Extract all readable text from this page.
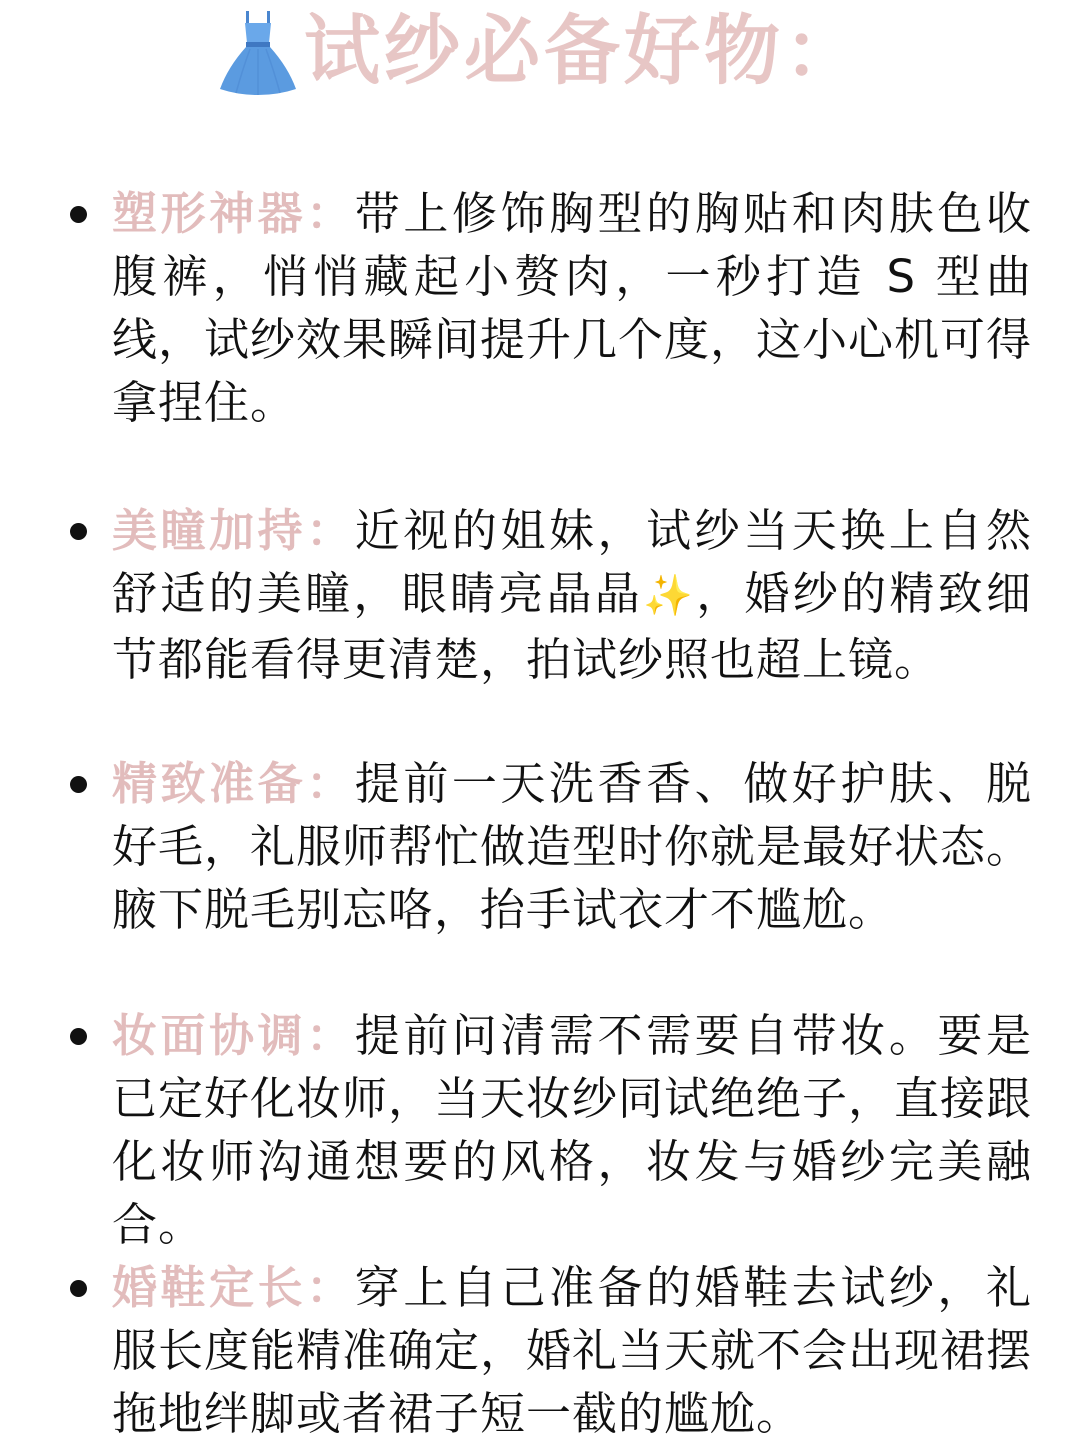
试纱必备好物：
塑形神器：带上修饰胸型的胸贴和肉肤色收腹裤，悄悄藏起小赘肉，一秒打造 S 型曲线，试纱效果瞬间提升几个度，这小心机可得拿捏住。
美瞳加持：近视的姐妹，试纱当天换上自然舒适的美瞳，眼睛亮晶晶✨，婚纱的精致细节都能看得更清楚，拍试纱照也超上镜。
精致准备：提前一天洗香香、做好护肤、脱好毛，礼服师帮忙做造型时你就是最好状态。腋下脱毛别忘咯，抬手试衣才不尴尬。
妆面协调：提前问清需不需要自带妆。要是已定好化妆师，当天妆纱同试绝绝子，直接跟化妆师沟通想要的风格，妆发与婚纱完美融合。
婚鞋定长：穿上自己准备的婚鞋去试纱，礼服长度能精准确定，婚礼当天就不会出现裙摆拖地绊脚或者裙子短一截的尴尬。
